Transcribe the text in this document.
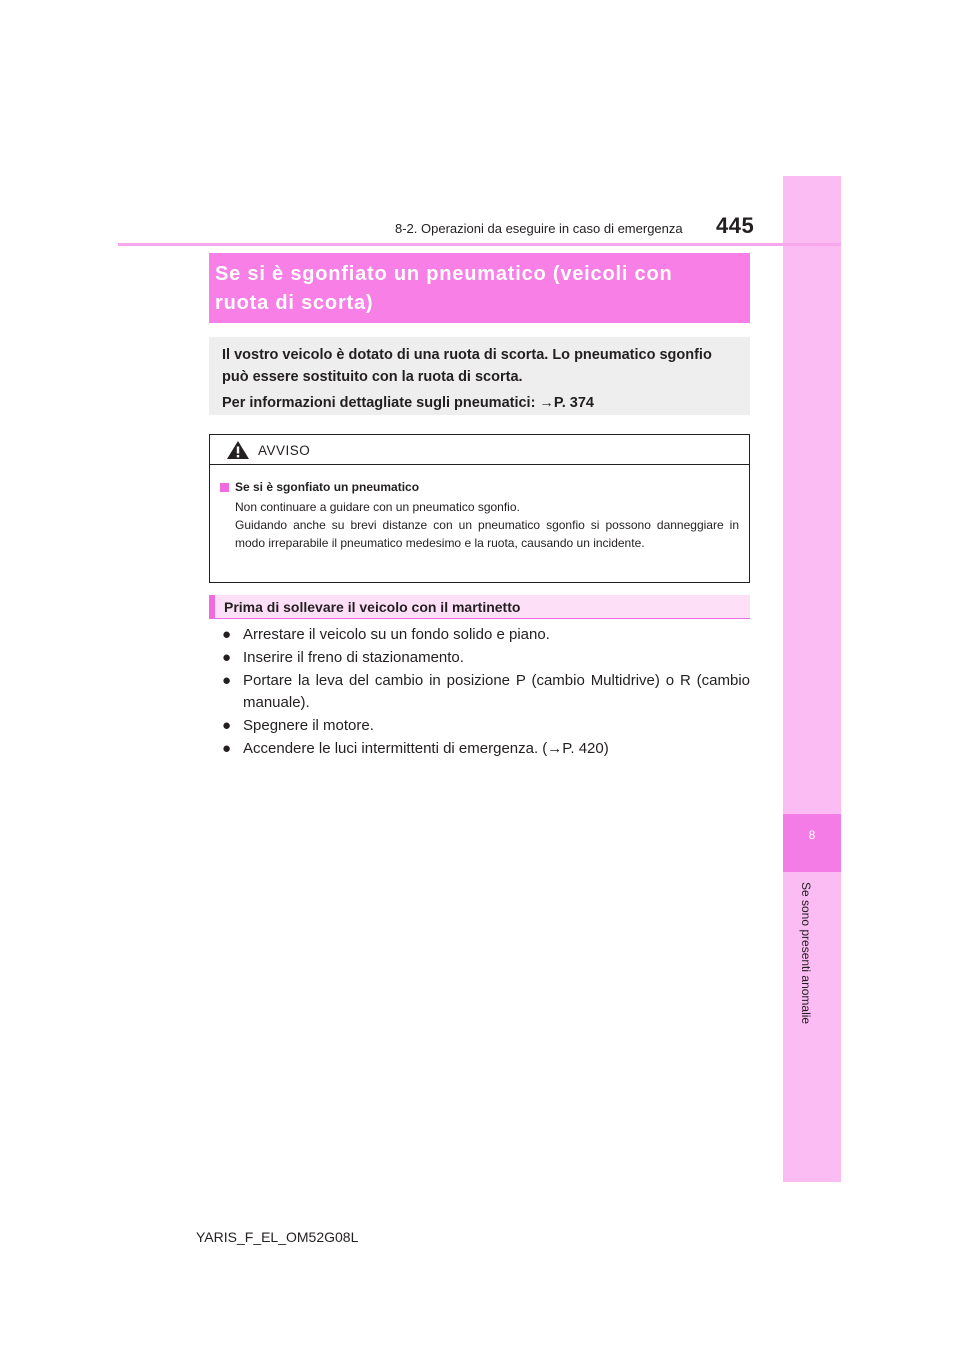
8
Se sono presenti anomalie
8-2. Operazioni da eseguire in caso di emergenza 445
Se si è sgonfiato un pneumatico (veicoli con
ruota di scorta)

Il vostro veicolo è dotato di una ruota di scorta. Lo pneumatico sgonfio può essere sostituito con la ruota di scorta.

Per informazioni dettagliate sugli pneumatici: →P. 374

AVVISO
Se si è sgonfiato un pneumatico
Non continuare a guidare con un pneumatico sgonfio.
Guidando anche su brevi distanze con un pneumatico sgonfio si possono danneggiare in modo irreparabile il pneumatico medesimo e la ruota, causando un incidente.
Prima di sollevare il veicolo con il martinetto
● Arrestare il veicolo su un fondo solido e piano.
● Inserire il freno di stazionamento.
● Portare la leva del cambio in posizione P (cambio Multidrive) o R (cambio manuale).
● Spegnere il motore.
● Accendere le luci intermittenti di emergenza. (→P. 420)
YARIS_F_EL_OM52G08L
